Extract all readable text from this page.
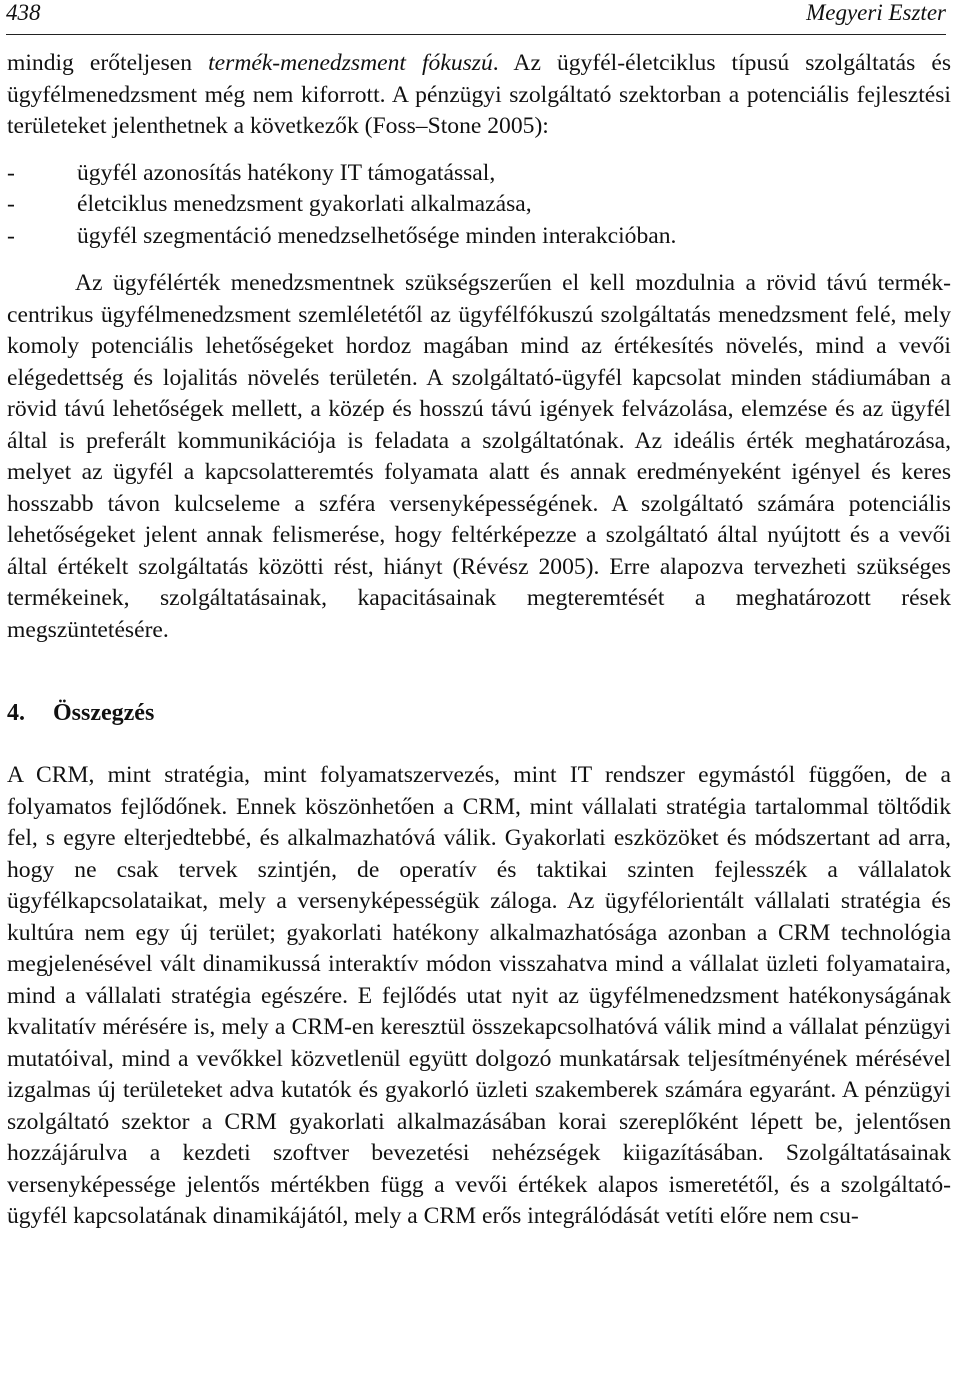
438	Megyeri Eszter

mindig erőteljesen termék-menedzsment fókuszú. Az ügyfél-életciklus típusú szolgáltatás és ügyfélmenedzsment még nem kiforrott. A pénzügyi szolgáltató szektorban a potenciális fejlesztési területeket jelenthetnek a következők (Foss–Stone 2005):

-	ügyfél azonosítás hatékony IT támogatással,
-	életciklus menedzsment gyakorlati alkalmazása,
-	ügyfél szegmentáció menedzselhetősége minden interakcióban.

Az ügyfélérték menedzsmentnek szükségszerűen el kell mozdulnia a rövid távú termék-centrikus ügyfélmenedzsment szemléletétől az ügyfélfókuszú szolgáltatás menedzsment felé, mely komoly potenciális lehetőségeket hordoz magában mind az értékesítés növelés, mind a vevői elégedettség és lojalitás növelés területén. A szolgáltató-ügyfél kapcsolat minden stádiumában a rövid távú lehetőségek mellett, a közép és hosszú távú igények felvázolása, elemzése és az ügyfél által is preferált kommunikációja is feladata a szolgáltatónak. Az ideális érték meghatározása, melyet az ügyfél a kapcsolatteremtés folyamata alatt és annak eredményeként igényel és keres hosszabb távon kulcseleme a szféra versenyképességének. A szolgáltató számára potenciális lehetőségeket jelent annak felismerése, hogy feltérképezze a szolgáltató által nyújtott és a vevői által értékelt szolgáltatás közötti rést, hiányt (Révész 2005). Erre alapozva tervezheti szükséges termékeinek, szolgáltatásainak, kapacitásainak megteremtését a meghatározott rések megszüntetésére.

4. Összegzés

A CRM, mint stratégia, mint folyamatszervezés, mint IT rendszer egymástól függően, de a folyamatos fejlődőnek. Ennek köszönhetően a CRM, mint vállalati stratégia tartalommal töltődik fel, s egyre elterjedtebbé, és alkalmazhatóvá válik. Gyakorlati eszközöket és módszertant ad arra, hogy ne csak tervek szintjén, de operatív és taktikai szinten fejlesszék a vállalatok ügyfélkapcsolataikat, mely a versenyképességük záloga. Az ügyfélorientált vállalati stratégia és kultúra nem egy új terület; gyakorlati hatékony alkalmazhatósága azonban a CRM technológia megjelenésével vált dinamikussá interaktív módon visszahatva mind a vállalat üzleti folyamataira, mind a vállalati stratégia egészére. E fejlődés utat nyit az ügyfélmenedzsment hatékonyságának kvalitatív mérésére is, mely a CRM-en keresztül összekapcsolhatóvá válik mind a vállalat pénzügyi mutatóival, mind a vevőkkel közvetlenül együtt dolgozó munkatársak teljesítményének mérésével izgalmas új területeket adva kutatók és gyakorló üzleti szakemberek számára egyaránt. A pénzügyi szolgáltató szektor a CRM gyakorlati alkalmazásában korai szereplőként lépett be, jelentősen hozzájárulva a kezdeti szoftver bevezetési nehézségek kiigazításában. Szolgáltatásainak versenyképessége jelentős mértékben függ a vevői értékek alapos ismeretétől, és a szolgáltató- ügyfél kapcsolatának dinamikájától, mely a CRM erős integrálódását vetíti előre nem csu-
